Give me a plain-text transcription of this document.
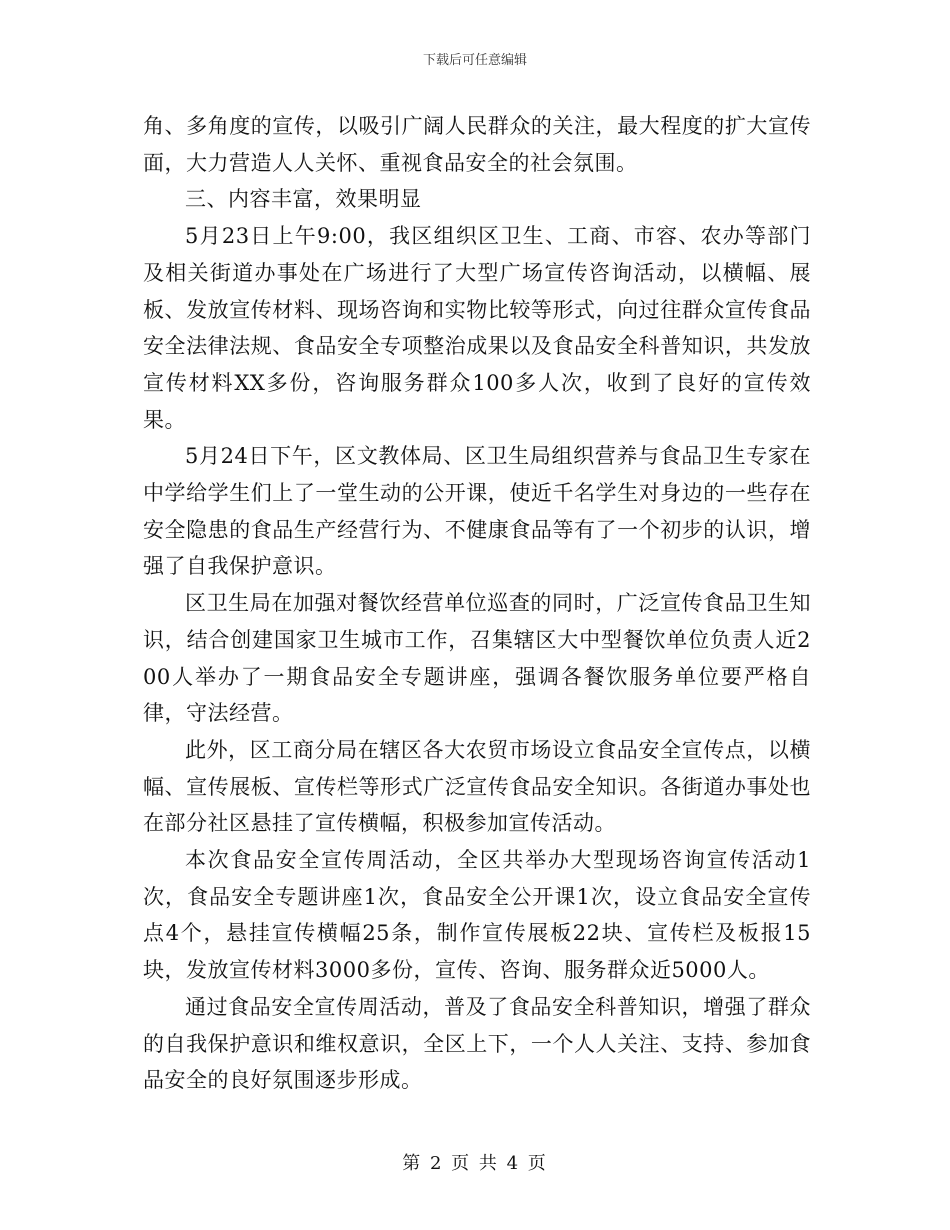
下载后可任意编辑

角、多角度的宣传，以吸引广阔人民群众的关注，最大程度的扩大宣传面，大力营造人人关怀、重视食品安全的社会氛围。

三、内容丰富，效果明显

5月23日上午9:00，我区组织区卫生、工商、市容、农办等部门及相关街道办事处在广场进行了大型广场宣传咨询活动，以横幅、展板、发放宣传材料、现场咨询和实物比较等形式，向过往群众宣传食品安全法律法规、食品安全专项整治成果以及食品安全科普知识，共发放宣传材料XX多份，咨询服务群众100多人次，收到了良好的宣传效果。

5月24日下午，区文教体局、区卫生局组织营养与食品卫生专家在中学给学生们上了一堂生动的公开课，使近千名学生对身边的一些存在安全隐患的食品生产经营行为、不健康食品等有了一个初步的认识，增强了自我保护意识。

区卫生局在加强对餐饮经营单位巡查的同时，广泛宣传食品卫生知识，结合创建国家卫生城市工作，召集辖区大中型餐饮单位负责人近200人举办了一期食品安全专题讲座，强调各餐饮服务单位要严格自律，守法经营。

此外，区工商分局在辖区各大农贸市场设立食品安全宣传点，以横幅、宣传展板、宣传栏等形式广泛宣传食品安全知识。各街道办事处也在部分社区悬挂了宣传横幅，积极参加宣传活动。

本次食品安全宣传周活动，全区共举办大型现场咨询宣传活动1次，食品安全专题讲座1次，食品安全公开课1次，设立食品安全宣传点4个，悬挂宣传横幅25条，制作宣传展板22块、宣传栏及板报15块，发放宣传材料3000多份，宣传、咨询、服务群众近5000人。

通过食品安全宣传周活动，普及了食品安全科普知识，增强了群众的自我保护意识和维权意识，全区上下，一个人人关注、支持、参加食品安全的良好氛围逐步形成。

第 2 页 共 4 页
